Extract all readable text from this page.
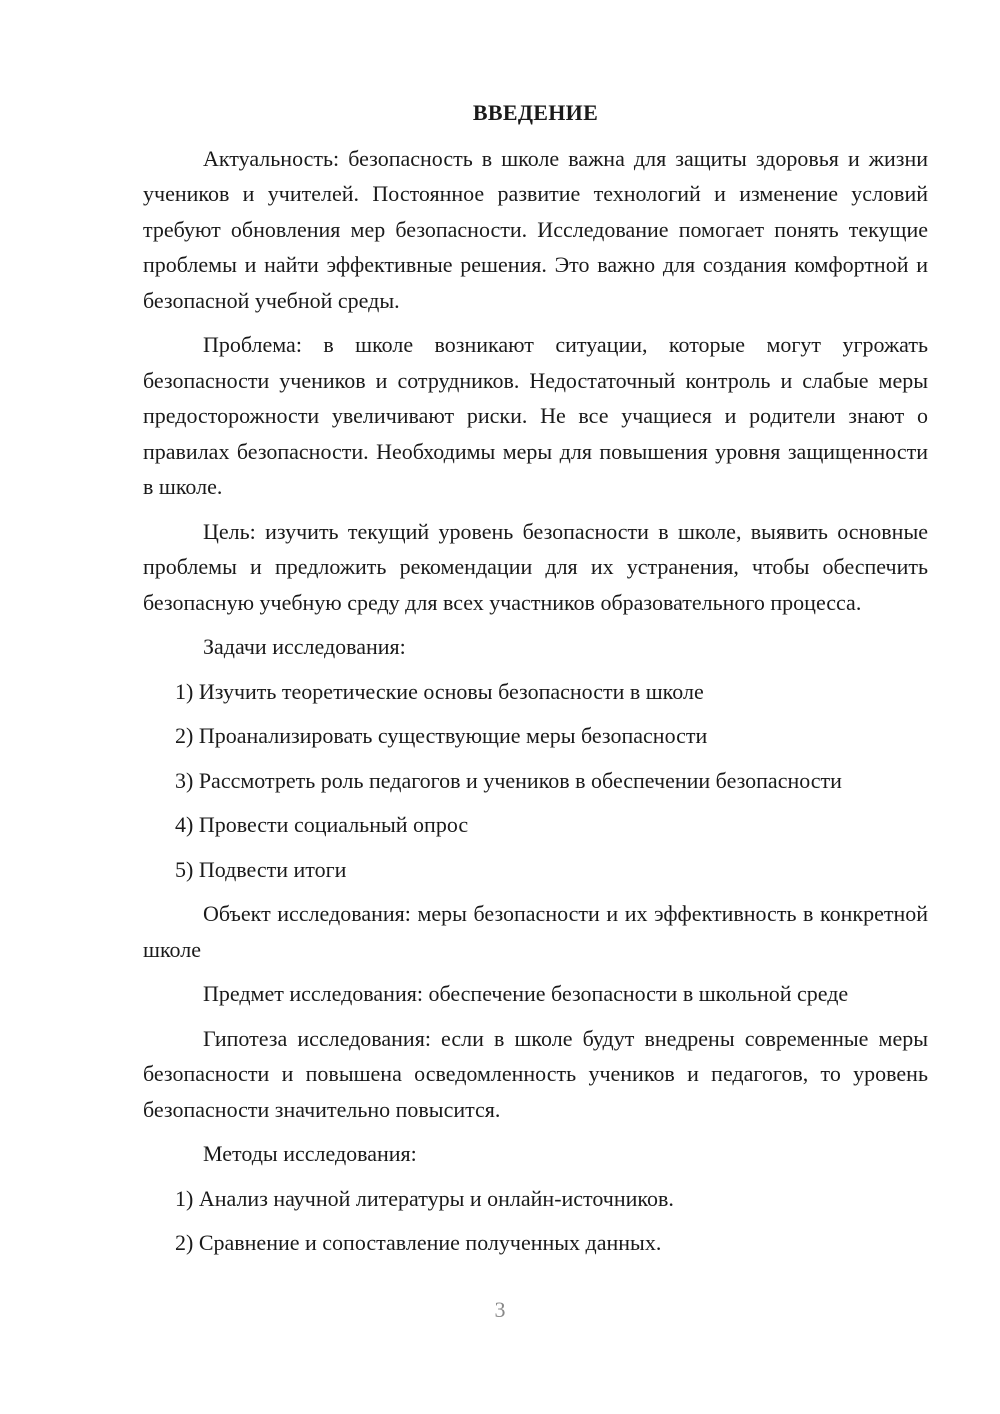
ВВЕДЕНИЕ

Актуальность: безопасность в школе важна для защиты здоровья и жизни учеников и учителей. Постоянное развитие технологий и изменение условий требуют обновления мер безопасности. Исследование помогает понять текущие проблемы и найти эффективные решения. Это важно для создания комфортной и безопасной учебной среды.

Проблема: в школе возникают ситуации, которые могут угрожать безопасности учеников и сотрудников. Недостаточный контроль и слабые меры предосторожности увеличивают риски. Не все учащиеся и родители знают о правилах безопасности. Необходимы меры для повышения уровня защищенности в школе.

Цель: изучить текущий уровень безопасности в школе, выявить основные проблемы и предложить рекомендации для их устранения, чтобы обеспечить безопасную учебную среду для всех участников образовательного процесса.

Задачи исследования:

1) Изучить теоретические основы безопасности в школе

2) Проанализировать существующие меры безопасности

3) Рассмотреть роль педагогов и учеников в обеспечении безопасности

4) Провести социальный опрос

5) Подвести итоги

Объект исследования: меры безопасности и их эффективность в конкретной школе

Предмет исследования: обеспечение безопасности в школьной среде

Гипотеза исследования: если в школе будут внедрены современные меры безопасности и повышена осведомленность учеников и педагогов, то уровень безопасности значительно повысится.

Методы исследования:

1) Анализ научной литературы и онлайн-источников.

2) Сравнение и сопоставление полученных данных.

3
